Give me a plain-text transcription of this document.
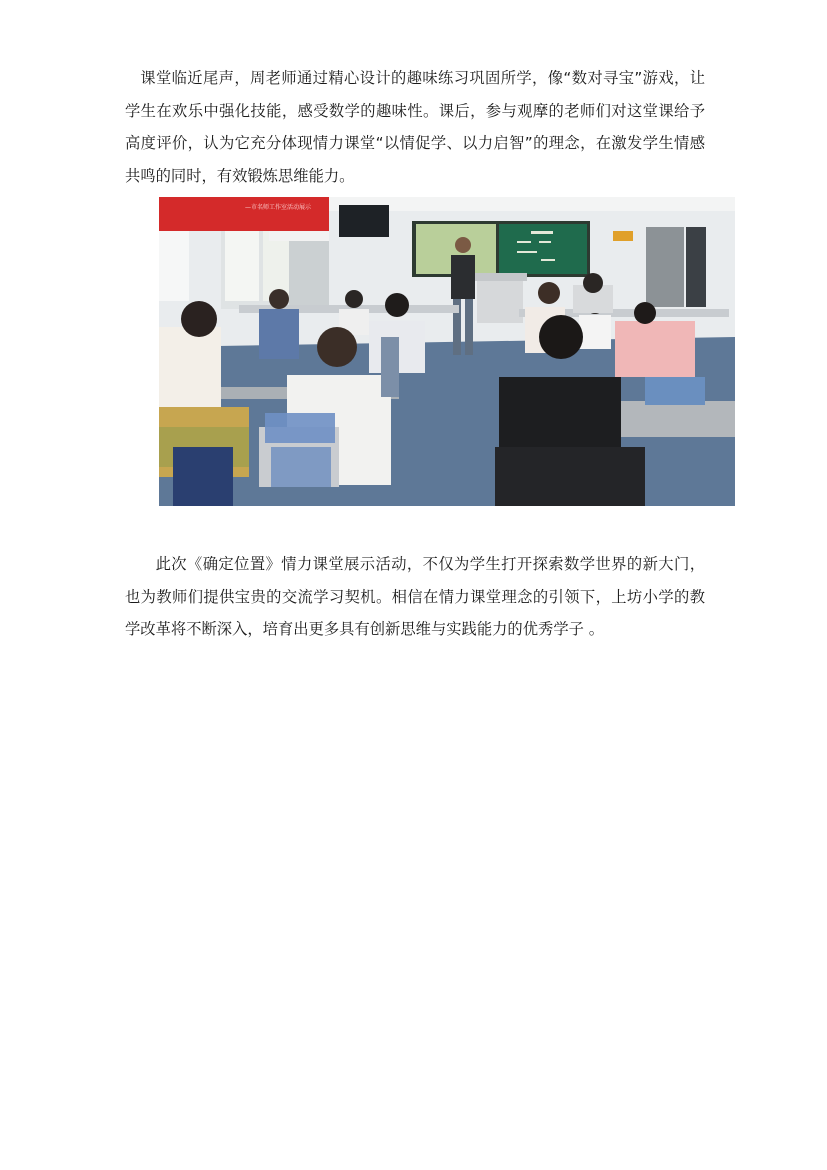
课堂临近尾声，周老师通过精心设计的趣味练习巩固所学，像“数对寻宝”游戏，让学生在欢乐中强化技能，感受数学的趣味性。课后，参与观摩的老师们对这堂课给予高度评价，认为它充分体现情力课堂“以情促学、以力启智”的理念，在激发学生情感共鸣的同时，有效锻炼思维能力。

—市名师工作室活动展示

此次《确定位置》情力课堂展示活动，不仅为学生打开探索数学世界的新大门，也为教师们提供宝贵的交流学习契机。相信在情力课堂理念的引领下，上坊小学的教学改革将不断深入，培育出更多具有创新思维与实践能力的优秀学子 。
